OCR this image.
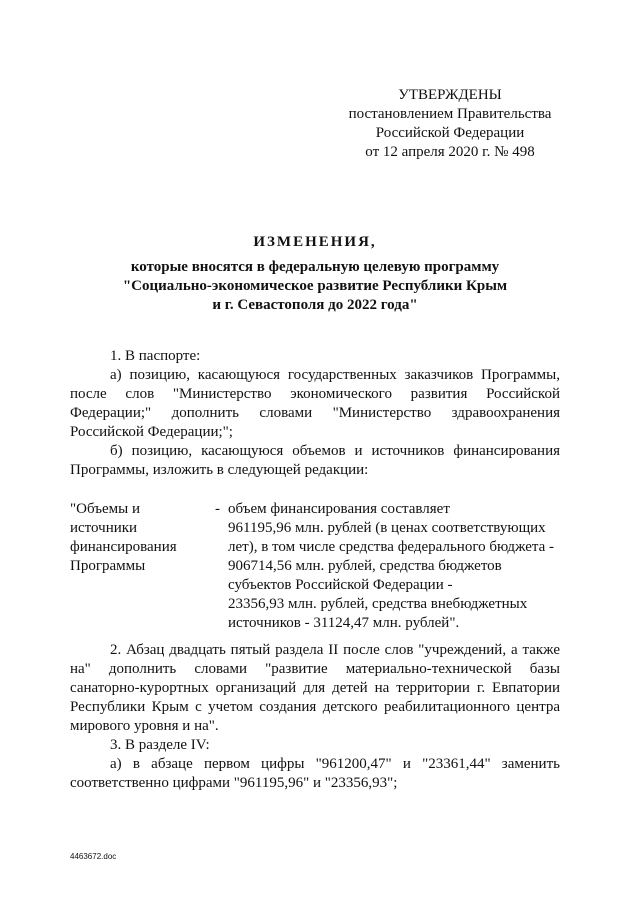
УТВЕРЖДЕНЫ
постановлением Правительства
Российской Федерации
от 12 апреля 2020 г. № 498
ИЗМЕНЕНИЯ,
которые вносятся в федеральную целевую программу
"Социально-экономическое развитие Республики Крым
и г. Севастополя до 2022 года"
1. В паспорте:
а) позицию, касающуюся государственных заказчиков Программы,
после слов "Министерство экономического развития Российской
Федерации;" дополнить словами "Министерство здравоохранения
Российской Федерации;";
б) позицию, касающуюся объемов и источников финансирования
Программы, изложить в следующей редакции:
"Объемы и
источники
финансирования
Программы
- объем финансирования составляет
961195,96 млн. рублей (в ценах соответствующих
лет), в том числе средства федерального бюджета -
906714,56 млн. рублей, средства бюджетов
субъектов Российской Федерации -
23356,93 млн. рублей, средства внебюджетных
источников - 31124,47 млн. рублей".
2. Абзац двадцать пятый раздела II после слов "учреждений, а также
на" дополнить словами "развитие материально-технической базы
санаторно-курортных организаций для детей на территории г. Евпатории
Республики Крым с учетом создания детского реабилитационного центра
мирового уровня и на".
3. В разделе IV:
а) в абзаце первом цифры "961200,47" и "23361,44" заменить
соответственно цифрами "961195,96" и "23356,93";
4463672.doc
